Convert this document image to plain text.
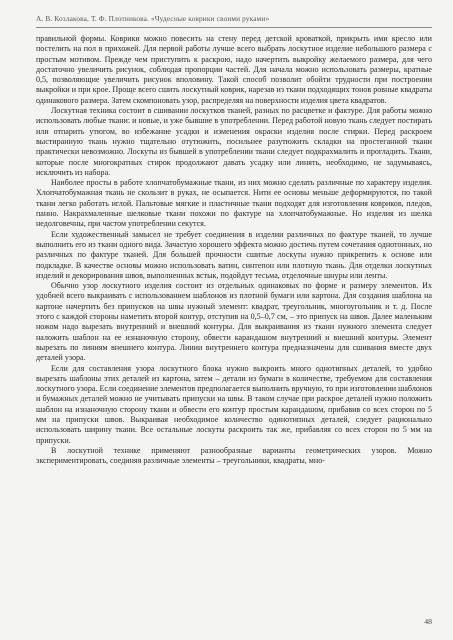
А. В. Козлакова, Т. Ф. Плотникова. «Чудесные коврики своими руками»

правильной формы. Коврики можно повесить на стену перед детской кроваткой, прикрыть ими кресло или постелить на пол в прихожей. Для первой работы лучше всего выбрать лоскутное изделие небольшого размера с простым мотивом. Прежде чем приступить к раскрою, надо начертить выкройку желаемого размера, для чего достаточно увеличить рисунок, соблюдая пропорции частей. Для начала можно использовать размеры, кратные 0,5, позволяющие увеличить рисунок вполовину. Такой способ позволит обойти трудности при построении выкройки и при крое. Проще всего сшить лоскутный коврик, нарезав из ткани подходящих тонов ровные квадраты одинакового размера. Затем скомпоновать узор, распределяя на поверхности изделия цвета квадратов.

Лоскутная техника состоит в сшивании лоскутков тканей, разных по расцветке и фактуре. Для работы можно использовать любые ткани: и новые, и уже бывшие в употреблении. Перед работой новую ткань следует постирать или отпарить утюгом, во избежание усадки и изменения окраски изделия после стирки. Перед раскроем выстиранную ткань нужно тщательно отутюжить, посильнее разутюжить складки на простеганной ткани практически невозможно. Лоскуты из бывшей в употреблении ткани следует подкрахмалить и прогладить. Ткани, которые после многократных стирок продолжают давать усадку или линять, необходимо, не задумываясь, исключить из набора.

Наиболее просты в работе хлопчатобумажные ткани, из них можно сделать различные по характеру изделия. Хлопчатобумажная ткань не скользит в руках, не осыпается. Нити ее основы меньше деформируются, по такой ткани легко работать иглой. Пальтовые мягкие и пластичные ткани подходят для изготовления ковриков, пледов, панно. Накрахмаленные шелковые ткани похожи по фактуре на хлопчатобумажные. Но изделия из шелка недолговечны, при частом употреблении секутся.

Если художественный замысел не требует соединения в изделии различных по фактуре тканей, то лучше выполнить его из ткани одного вида. Зачастую хорошего эффекта можно достичь путем сочетания однотонных, но различных по фактуре тканей. Для большей прочности сшитые лоскуты нужно прикрепить к основе или подкладке. В качестве основы можно использовать ватин, синтепон или плотную ткань. Для отделки лоскутных изделий и декорирования швов, выполненных встык, подойдут тесьма, отделочные шнуры или ленты.

Обычно узор лоскутного изделия состоит из отдельных одинаковых по форме и размеру элементов. Их удобней всего выкраивать с использованием шаблонов из плотной бумаги или картона. Для создания шаблона на картоне начертить без припусков на швы нужный элемент: квадрат, треугольник, многоугольник и т. д. После этого с каждой стороны наметить второй контур, отступив на 0,5–0,7 см, – это припуск на швов. Далее маленьким ножом надо вырезать внутренний и внешний контуры. Для выкраивания из ткани нужного элемента следует наложить шаблон на ее изнаночную сторону, обвести карандашом внутренний и внешний контуры. Элемент вырезать по линиям внешнего контура. Линии внутреннего контура предназначены для сшивания вместе двух деталей узора.

Если для составления узора лоскутного блока нужно выкроить много однотипных деталей, то удобно вырезать шаблоны этих деталей из картона, затем – детали из бумаги в количестве, требуемом для составления лоскутного узора. Если соединение элементов предполагается выполнить вручную, то при изготовлении шаблонов и бумажных деталей можно не учитывать припуски на швы. В таком случае при раскрое деталей нужно положить шаблон на изнаночную сторону ткани и обвести его контур простым карандашом, прибавив со всех сторон по 5 мм на припуски швов. Выкраивая необходимое количество одинотипных деталей, следует рационально использовать ширину ткани. Все остальные лоскуты раскроить так же, прибавляя со всех сторон по 5 мм на припуски.

В лоскутной технике применяют разнообразные варианты геометрических узоров. Можно экспериментировать, соединяя различные элементы – треугольники, квадраты, мно-

48
